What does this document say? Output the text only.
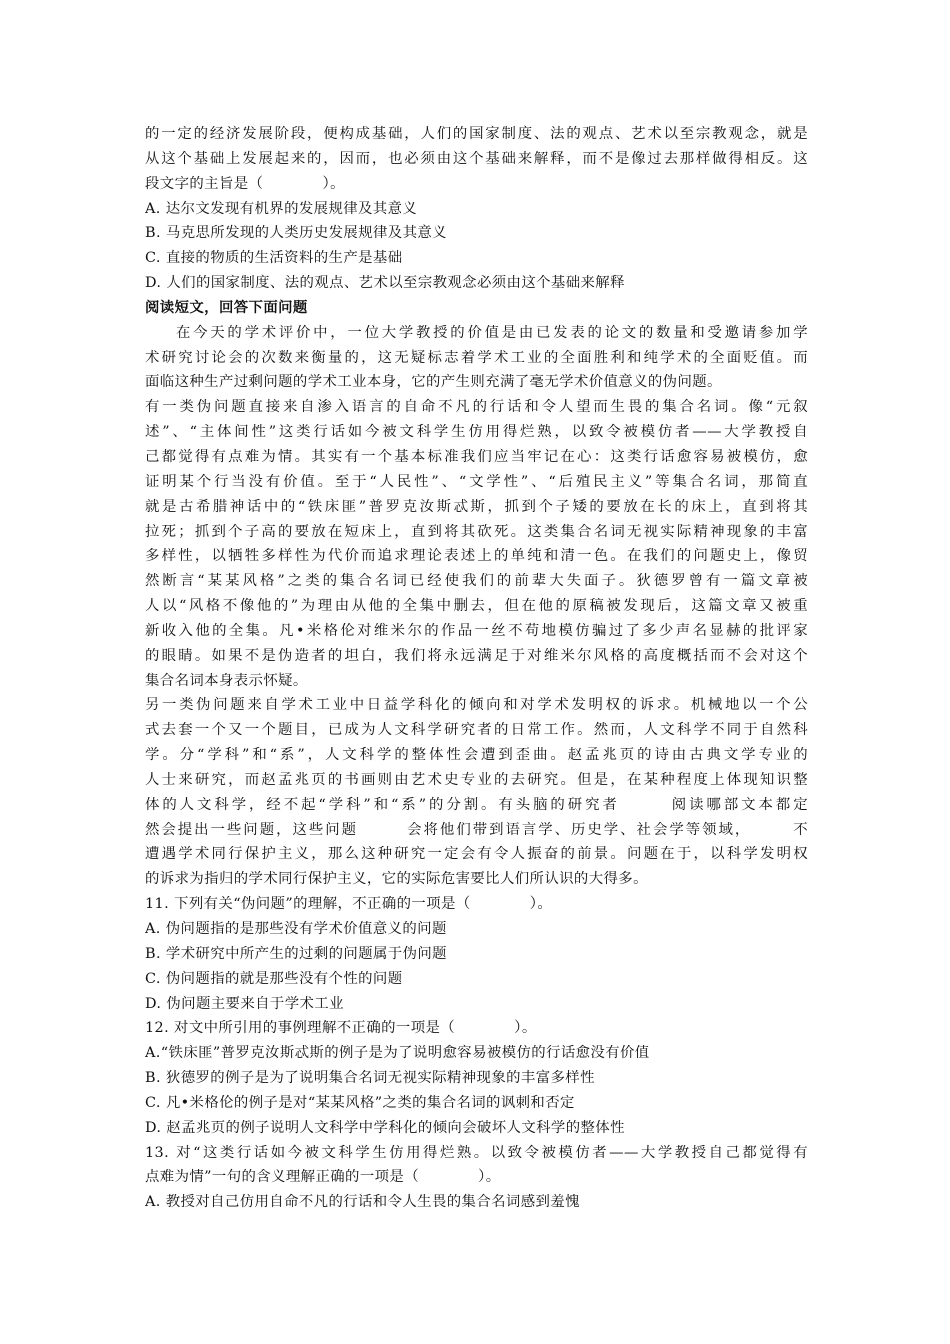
的一定的经济发展阶段，便构成基础，人们的国家制度、法的观点、艺术以至宗教观念，就是
从这个基础上发展起来的，因而，也必须由这个基础来解释，而不是像过去那样做得相反。这
段文字的主旨是（　　　　）。
A. 达尔文发现有机界的发展规律及其意义
B. 马克思所发现的人类历史发展规律及其意义
C. 直接的物质的生活资料的生产是基础
D. 人们的国家制度、法的观点、艺术以至宗教观念必须由这个基础来解释
阅读短文，回答下面问题
在今天的学术评价中，一位大学教授的价值是由已发表的论文的数量和受邀请参加学
术研究讨论会的次数来衡量的，这无疑标志着学术工业的全面胜利和纯学术的全面贬值。而
面临这种生产过剩问题的学术工业本身，它的产生则充满了毫无学术价值意义的伪问题。
有一类伪问题直接来自渗入语言的自命不凡的行话和令人望而生畏的集合名词。像“元叙
述”、“主体间性”这类行话如今被文科学生仿用得烂熟，以致令被模仿者——大学教授自
己都觉得有点难为情。其实有一个基本标准我们应当牢记在心：这类行话愈容易被模仿，愈
证明某个行当没有价值。至于“人民性”、“文学性”、“后殖民主义”等集合名词，那简直
就是古希腊神话中的“铁床匪”普罗克汝斯忒斯，抓到个子矮的要放在长的床上，直到将其
拉死；抓到个子高的要放在短床上，直到将其砍死。这类集合名词无视实际精神现象的丰富
多样性，以牺牲多样性为代价而追求理论表述上的单纯和清一色。在我们的问题史上，像贸
然断言“某某风格”之类的集合名词已经使我们的前辈大失面子。狄德罗曾有一篇文章被
人以“风格不像他的”为理由从他的全集中删去，但在他的原稿被发现后，这篇文章又被重
新收入他的全集。凡•米格伦对维米尔的作品一丝不苟地模仿骗过了多少声名显赫的批评家
的眼睛。如果不是伪造者的坦白，我们将永远满足于对维米尔风格的高度概括而不会对这个
集合名词本身表示怀疑。
另一类伪问题来自学术工业中日益学科化的倾向和对学术发明权的诉求。机械地以一个公
式去套一个又一个题目，已成为人文科学研究者的日常工作。然而，人文科学不同于自然科
学。分“学科”和“系”，人文科学的整体性会遭到歪曲。赵孟兆页的诗由古典文学专业的
人士来研究，而赵孟兆页的书画则由艺术史专业的去研究。但是，在某种程度上体现知识整
体的人文科学，经不起“学科”和“系”的分割。有头脑的研究者　　　阅读哪部文本都定
然会提出一些问题，这些问题　　　会将他们带到语言学、历史学、社会学等领域，　　　不
遭遇学术同行保护主义，那么这种研究一定会有令人振奋的前景。问题在于，以科学发明权
的诉求为指归的学术同行保护主义，它的实际危害要比人们所认识的大得多。
11. 下列有关“伪问题”的理解，不正确的一项是（　　　　）。
A. 伪问题指的是那些没有学术价值意义的问题
B. 学术研究中所产生的过剩的问题属于伪问题
C. 伪问题指的就是那些没有个性的问题
D. 伪问题主要来自于学术工业
12. 对文中所引用的事例理解不正确的一项是（　　　　）。
A.“铁床匪”普罗克汝斯忒斯的例子是为了说明愈容易被模仿的行话愈没有价值
B. 狄德罗的例子是为了说明集合名词无视实际精神现象的丰富多样性
C. 凡•米格伦的例子是对“某某风格”之类的集合名词的讽刺和否定
D. 赵孟兆页的例子说明人文科学中学科化的倾向会破坏人文科学的整体性
13. 对“这类行话如今被文科学生仿用得烂熟。以致令被模仿者——大学教授自己都觉得有
点难为情”一句的含义理解正确的一项是（　　　　）。
A. 教授对自己仿用自命不凡的行话和令人生畏的集合名词感到羞愧
